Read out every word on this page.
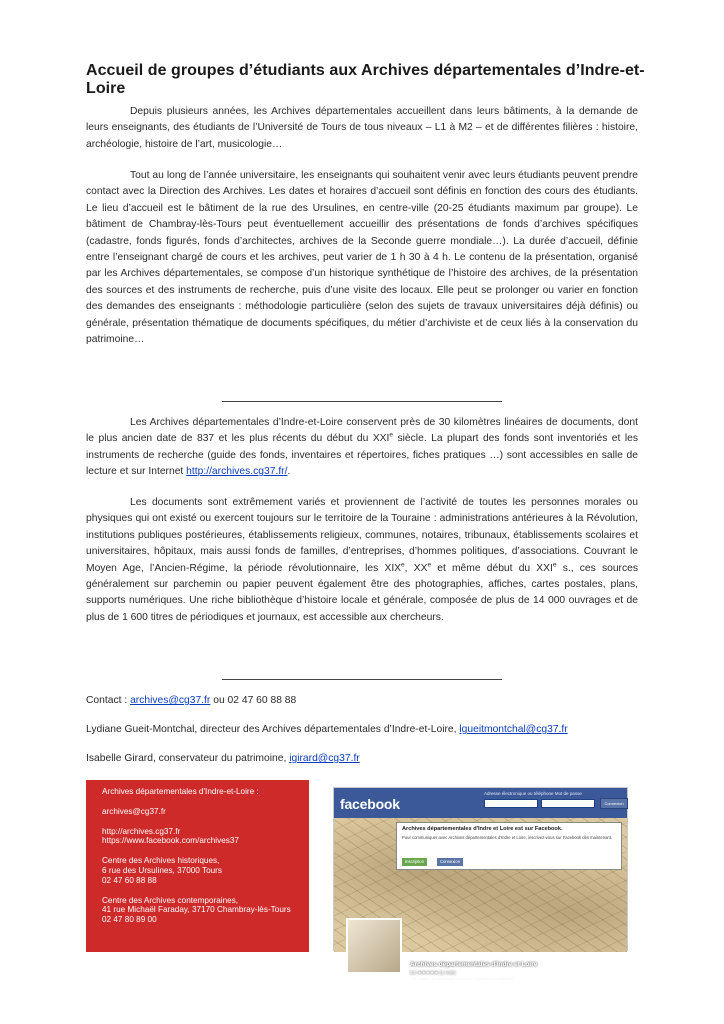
Accueil de groupes d’étudiants aux Archives départementales d’Indre-et-Loire

Depuis plusieurs années, les Archives départementales accueillent dans leurs bâtiments, à la demande de leurs enseignants, des étudiants de l’Université de Tours de tous niveaux – L1 à M2 – et de différentes filières : histoire, archéologie, histoire de l’art, musicologie…

Tout au long de l’année universitaire, les enseignants qui souhaitent venir avec leurs étudiants peuvent prendre contact avec la Direction des Archives. Les dates et horaires d’accueil sont définis en fonction des cours des étudiants. Le lieu d’accueil est le bâtiment de la rue des Ursulines, en centre-ville (20-25 étudiants maximum par groupe). Le bâtiment de Chambray-lès-Tours peut éventuellement accueillir des présentations de fonds d’archives spécifiques (cadastre, fonds figurés, fonds d’architectes, archives de la Seconde guerre mondiale…). La durée d’accueil, définie entre l’enseignant chargé de cours et les archives, peut varier de 1 h 30 à 4 h. Le contenu de la présentation, organisé par les Archives départementales, se compose d’un historique synthétique de l’histoire des archives, de la présentation des sources et des instruments de recherche, puis d’une visite des locaux. Elle peut se prolonger ou varier en fonction des demandes des enseignants : méthodologie particulière (selon des sujets de travaux universitaires déjà définis) ou générale, présentation thématique de documents spécifiques, du métier d’archiviste et de ceux liés à la conservation du patrimoine…

Les Archives départementales d’Indre-et-Loire conservent près de 30 kilomètres linéaires de documents, dont le plus ancien date de 837 et les plus récents du début du XXIe siècle. La plupart des fonds sont inventoriés et les instruments de recherche (guide des fonds, inventaires et répertoires, fiches pratiques …) sont accessibles en salle de lecture et sur Internet http://archives.cg37.fr/.

Les documents sont extrêmement variés et proviennent de l’activité de toutes les personnes morales ou physiques qui ont existé ou exercent toujours sur le territoire de la Touraine : administrations antérieures à la Révolution, institutions publiques postérieures, établissements religieux, communes, notaires, tribunaux, établissements scolaires et universitaires, hôpitaux, mais aussi fonds de familles, d’entreprises, d’hommes politiques, d’associations. Couvrant le Moyen Age, l’Ancien-Régime, la période révolutionnaire, les XIXe, XXe et même début du XXIe s., ces sources généralement sur parchemin ou papier peuvent également être des photographies, affiches, cartes postales, plans, supports numériques. Une riche bibliothèque d’histoire locale et générale, composée de plus de 14 000 ouvrages et de plus de 1 600 titres de périodiques et journaux, est accessible aux chercheurs.

Contact : archives@cg37.fr ou 02 47 60 88 88

Lydiane Gueit-Montchal, directeur des Archives départementales d’Indre-et-Loire, lgueitmontchal@cg37.fr

Isabelle Girard, conservateur du patrimoine, igirard@cg37.fr

Archives départementales d'Indre-et-Loire :
archives@cg37.fr
http://archives.cg37.fr
https://www.facebook.com/archives37
Centre des Archives historiques,
6 rue des Ursulines, 37000 Tours
02 47 60 88 88
Centre des Archives contemporaines,
41 rue Michaël Faraday, 37170 Chambray-lès-Tours
02 47 80 89 00
facebook
Adresse électronique ou téléphone Mot de passe
Connexion
Archives départementales d'Indre et Loire
5,0 ★★★★★ (1 note)
776 J'aime · 10 personnes en parlent · 2 personnes étaient ici
Archives départementales d'Indre et Loire est sur Facebook.
Pour communiquer avec Archives départementales d'Indre et Loire, inscrivez-vous sur Facebook dès maintenant.
Inscription	Connexion
